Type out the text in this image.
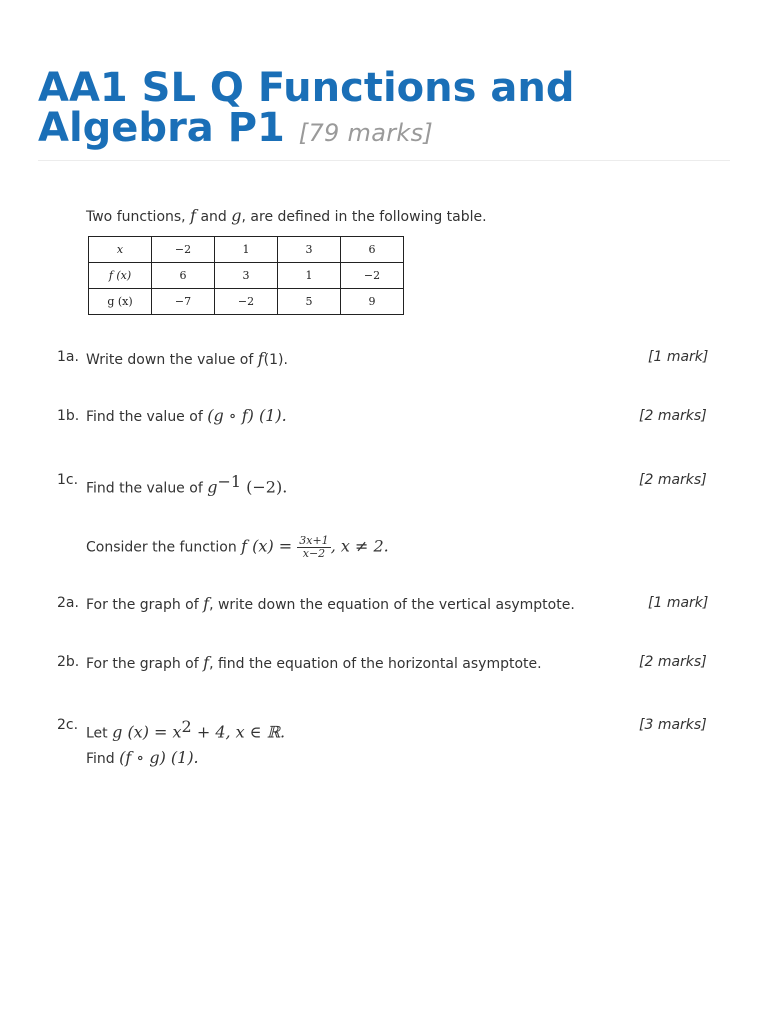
AA1 SL Q Functions and Algebra P1 [79 marks]
Two functions, f and g, are defined in the following table.
x	−2	1	3	6
f (x)	6	3	1	−2
g (x)	−7	−2	5	9
1a. Write down the value of f(1).	[1 mark]
1b. Find the value of (g ∘ f) (1).	[2 marks]
1c.
Find the value of $g^{-1}$ (−2).	[2 marks]
Consider the function f $(x) = \frac{3x+1}{x-2}$ , x ≠ 2.
2a. For the graph of f, write down the equation of the vertical asymptote.	[1 mark]
2b. For the graph of f, find the equation of the horizontal asymptote.	[2 marks]
2c.
Let g $(x) = x^2 + 4$, x ∈ ℝ.
Find (f ∘ g) (1).
[3 marks]
